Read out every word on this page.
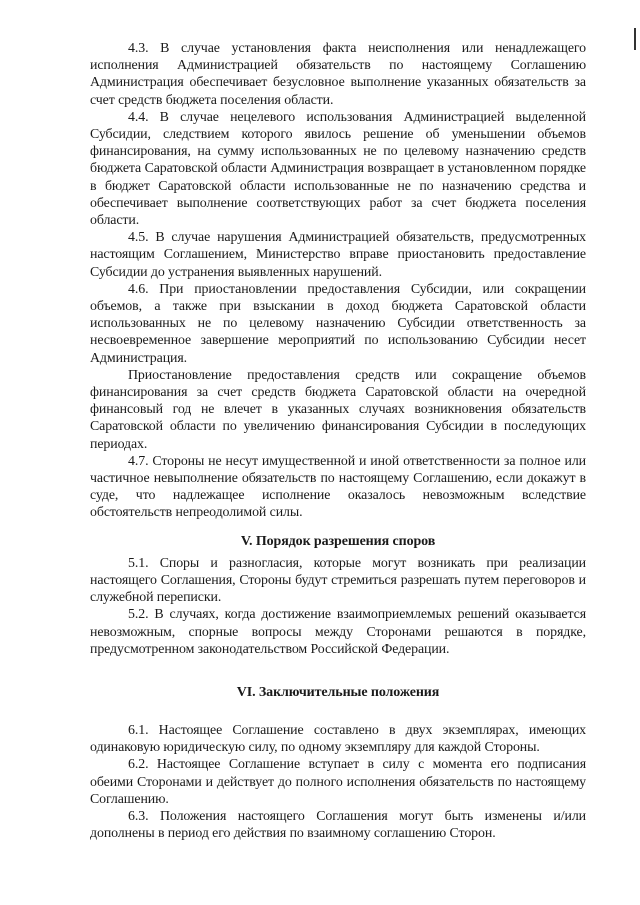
4.3. В случае установления факта неисполнения или ненадлежащего исполнения Администрацией обязательств по настоящему Соглашению Администрация обеспечивает безусловное выполнение указанных обязательств за счет средств бюджета поселения области.

4.4. В случае нецелевого использования Администрацией выделенной Субсидии, следствием которого явилось решение об уменьшении объемов финансирования, на сумму использованных не по целевому назначению средств бюджета Саратовской области Администрация возвращает в установленном порядке в бюджет Саратовской области использованные не по назначению средства и обеспечивает выполнение соответствующих работ за счет бюджета поселения области.

4.5. В случае нарушения Администрацией обязательств, предусмотренных настоящим Соглашением, Министерство вправе приостановить предоставление Субсидии до устранения выявленных нарушений.

4.6. При приостановлении предоставления Субсидии, или сокращении объемов, а также при взыскании в доход бюджета Саратовской области использованных не по целевому назначению Субсидии ответственность за несвоевременное завершение мероприятий по использованию Субсидии несет Администрация.

Приостановление предоставления средств или сокращение объемов финансирования за счет средств бюджета Саратовской области на очередной финансовый год не влечет в указанных случаях возникновения обязательств Саратовской области по увеличению финансирования Субсидии в последующих периодах.

4.7. Стороны не несут имущественной и иной ответственности за полное или частичное невыполнение обязательств по настоящему Соглашению, если докажут в суде, что надлежащее исполнение оказалось невозможным вследствие обстоятельств непреодолимой силы.

V. Порядок разрешения споров

5.1. Споры и разногласия, которые могут возникать при реализации настоящего Соглашения, Стороны будут стремиться разрешать путем переговоров и служебной переписки.

5.2. В случаях, когда достижение взаимоприемлемых решений оказывается невозможным, спорные вопросы между Сторонами решаются в порядке, предусмотренном законодательством Российской Федерации.

VI. Заключительные положения

6.1. Настоящее Соглашение составлено в двух экземплярах, имеющих одинаковую юридическую силу, по одному экземпляру для каждой Стороны.

6.2. Настоящее Соглашение вступает в силу с момента его подписания обеими Сторонами и действует до полного исполнения обязательств по настоящему Соглашению.

6.3. Положения настоящего Соглашения могут быть изменены и/или дополнены в период его действия по взаимному соглашению Сторон.
